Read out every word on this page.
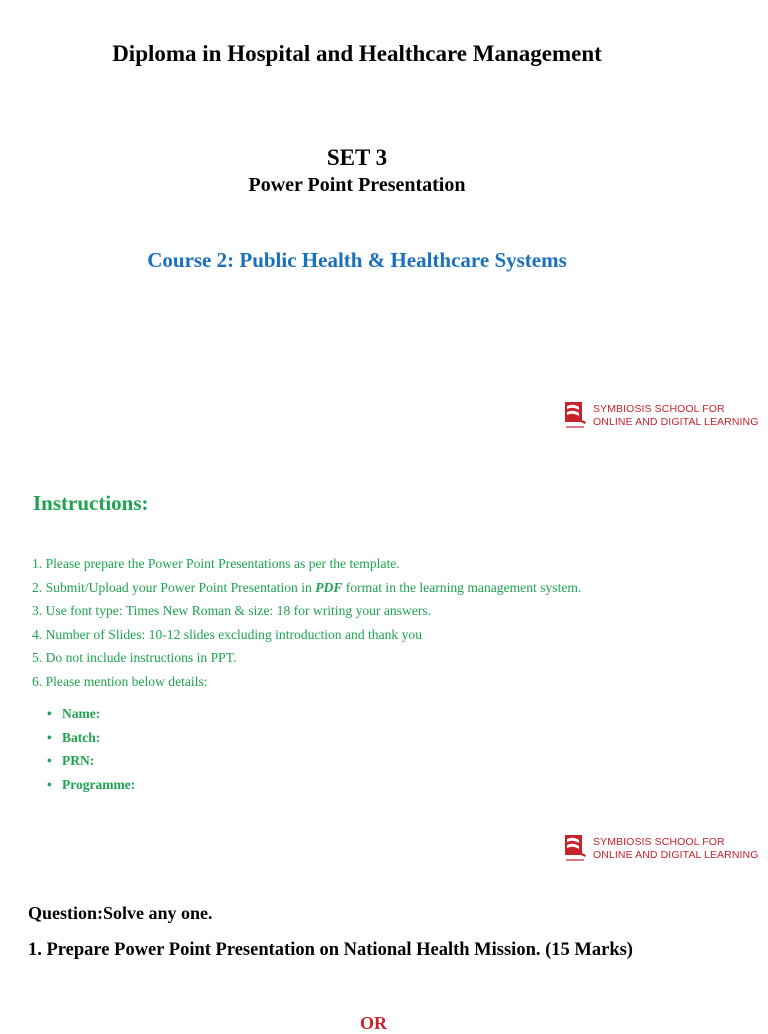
Diploma in Hospital and Healthcare Management
SET 3
Power Point Presentation
Course 2: Public Health & Healthcare Systems
SYMBIOSIS SCHOOL FOR
ONLINE AND DIGITAL LEARNING
Instructions:
1. Please prepare the Power Point Presentations as per the template.
2. Submit/Upload your Power Point Presentation in PDF format in the learning management system.
3. Use font type: Times New Roman & size: 18 for writing your answers.
4. Number of Slides: 10-12 slides excluding introduction and thank you
5. Do not include instructions in PPT.
6. Please mention below details:
• Name:
• Batch:
• PRN:
• Programme:
SYMBIOSIS SCHOOL FOR
ONLINE AND DIGITAL LEARNING
Question:Solve any one.
1. Prepare Power Point Presentation on National Health Mission. (15 Marks)
OR
